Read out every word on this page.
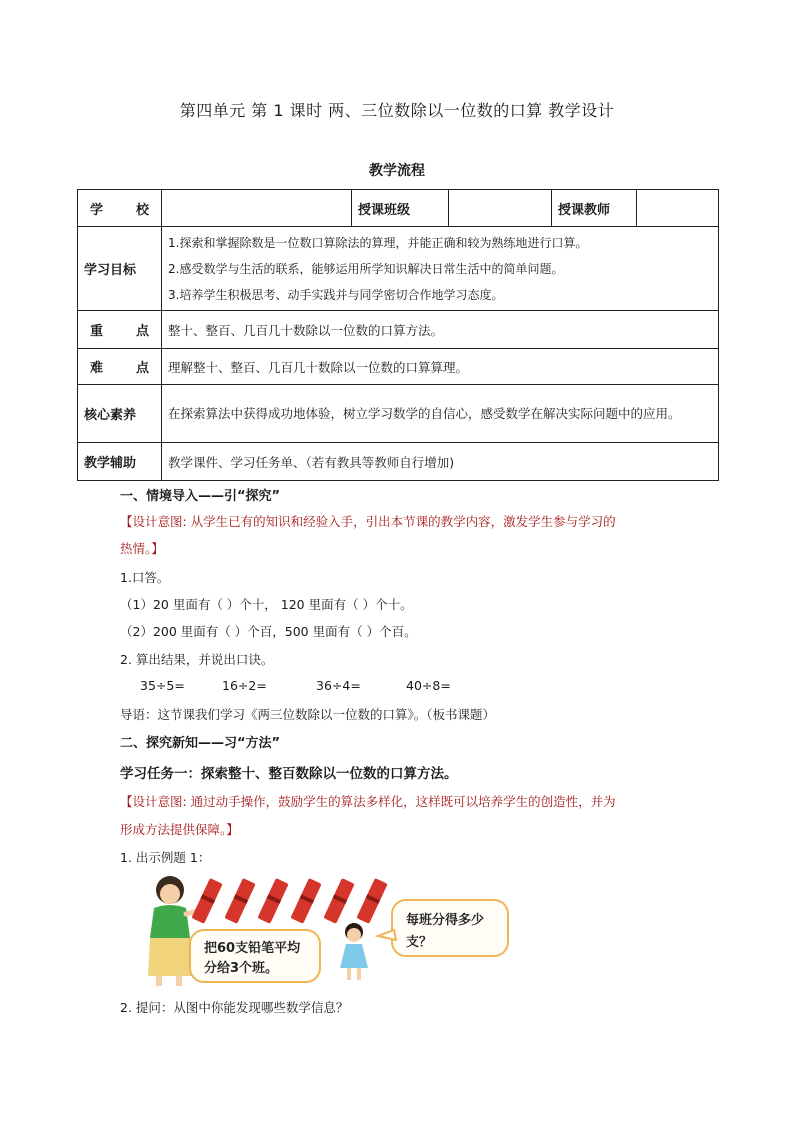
第四单元 第 1 课时 两、三位数除以一位数的口算 教学设计
教学流程
学 校		授课班级		授课教师	
学习目标	1.探索和掌握除数是一位数口算除法的算理，并能正确和较为熟练地进行口算。
2.感受数学与生活的联系，能够运用所学知识解决日常生活中的简单问题。
3.培养学生积极思考、动手实践并与同学密切合作地学习态度。				

重 点	整十、整百、几百几十数除以一位数的口算方法。				
难 点	理解整十、整百、几百几十数除以一位数的口算算理。				
核心素养	在探索算法中获得成功地体验，树立学习数学的自信心，感受数学在解决实际问题中的应用。				
教学辅助	教学课件、学习任务单、（若有教具等教师自行增加)				
一、情境导入——引“探究”
【设计意图: 从学生已有的知识和经验入手，引出本节课的教学内容，激发学生参与学习的
热情。】
1.口答。
（1）20 里面有（ ）个十， 120 里面有（ ）个十。
（2）200 里面有（ ）个百，500 里面有（ ）个百。
2. 算出结果，并说出口诀。
35÷5=	16÷2=	36÷4=	40÷8=
导语：这节课我们学习《两三位数除以一位数的口算》。（板书课题）
二、探究新知——习“方法”
学习任务一：探索整十、整百数除以一位数的口算方法。
【设计意图: 通过动手操作，鼓励学生的算法多样化，这样既可以培养学生的创造性，并为
形成方法提供保障。】
1. 出示例题 1：
把60支铅笔平均
分给3个班。
每班分得多少
支？
2. 提问：从图中你能发现哪些数学信息？
